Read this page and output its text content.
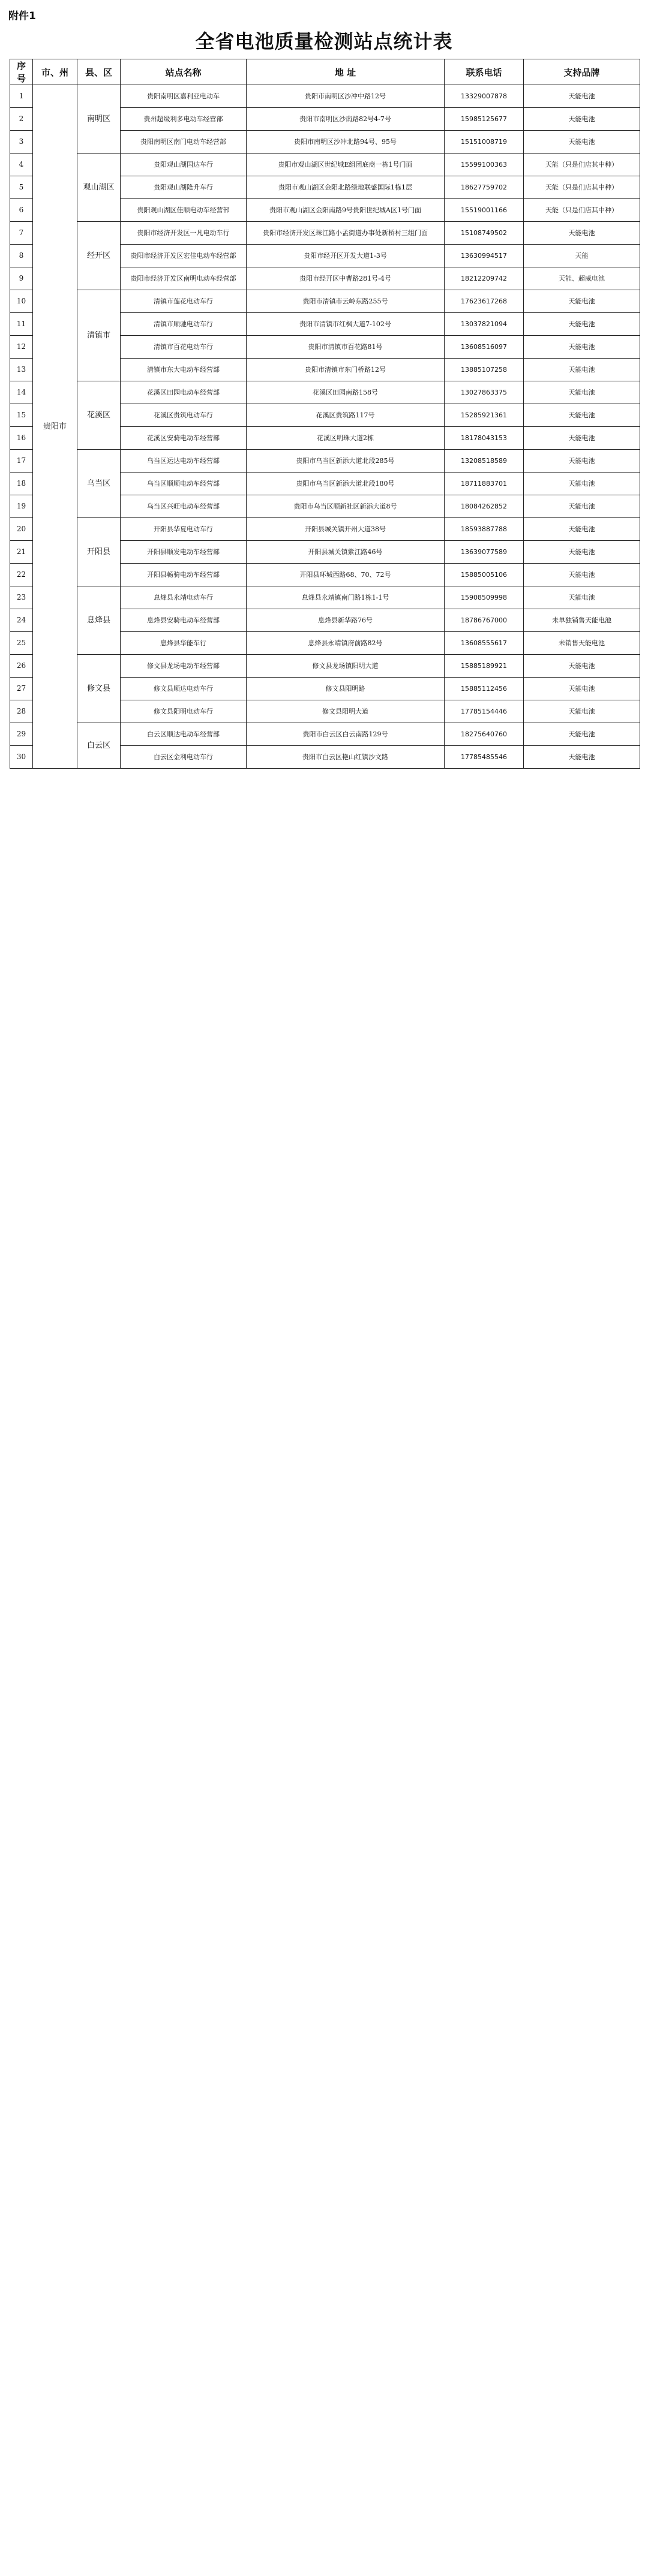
附件1
全省电池质量检测站点统计表
序 号	市、州	县、区	站点名称	地 址	联系电话	支持品牌
1	贵阳市	南明区	贵阳南明区嘉利亚电动车	贵阳市南明区沙冲中路12号	13329007878	天能电池
2			贵州超级利多电动车经营部	贵阳市南明区沙南路82号4-7号	15985125677	天能电池
3			贵阳南明区南门电动车经营部	贵阳市南明区沙冲北路94号、95号	15151008719	天能电池
4		观山湖区	贵阳观山湖国达车行	贵阳市观山湖区世纪城E组团底商一栋1号门面	15599100363	天能（只是们店其中种）
5			贵阳观山湖隆升车行	贵阳市观山湖区金阳北路绿地联盛国际1栋1层	18627759702	天能（只是们店其中种）
6			贵阳观山湖区佳顺电动车经营部	贵阳市观山湖区金阳南路9号贵阳世纪城A区1号门面	15519001166	天能（只是们店其中种）
7		经开区	贵阳市经济开发区一凡电动车行	贵阳市经济开发区珠江路小孟街道办事处新桥村三组门面	15108749502	天能电池
8			贵阳市经济开发区宏佳电动车经营部	贵阳市经开区开发大道1-3号	13630994517	天能
9			贵阳市经济开发区南明电动车经营部	贵阳市经开区中曹路281号-4号	18212209742	天能、超威电池
10		清镇市	清镇市莲花电动车行	贵阳市清镇市云岭东路255号	17623617268	天能电池
11			清镇市顺驰电动车行	贵阳市清镇市红枫大道7-102号	13037821094	天能电池
12			清镇市百花电动车行	贵阳市清镇市百花路81号	13608516097	天能电池
13			清镇市东大电动车经营部	贵阳市清镇市东门桥路12号	13885107258	天能电池
14		花溪区	花溪区田园电动车经营部	花溪区田园南路158号	13027863375	天能电池
15			花溪区贵筑电动车行	花溪区贵筑路117号	15285921361	天能电池
16			花溪区安骑电动车经营部	花溪区明珠大道2栋	18178043153	天能电池
17		乌当区	乌当区运达电动车经营部	贵阳市乌当区新添大道北段285号	13208518589	天能电池
18			乌当区顺顺电动车经营部	贵阳市乌当区新添大道北段180号	18711883701	天能电池
19			乌当区兴旺电动车经营部	贵阳市乌当区顺新社区新添大道8号	18084262852	天能电池
20		开阳县	开阳县华夏电动车行	开阳县城关镇开州大道38号	18593887788	天能电池
21			开阳县顺发电动车经营部	开阳县城关镇紫江路46号	13639077589	天能电池
22			开阳县畅骑电动车经营部	开阳县环城西路68、70、72号	15885005106	天能电池
23		息烽县	息烽县永靖电动车行	息烽县永靖镇南门路1栋1-1号	15908509998	天能电池
24			息烽县安骑电动车经营部	息烽县新华路76号	18786767000	未单独销售天能电池
25			息烽县华能车行	息烽县永靖镇府前路82号	13608555617	未销售天能电池
26		修文县	修文县龙场电动车经营部	修文县龙场镇阳明大道	15885189921	天能电池
27			修文县顺达电动车行	修文县阳明路	15885112456	天能电池
28			修文县阳明电动车行	修文县阳明大道	17785154446	天能电池
29		白云区	白云区顺达电动车经营部	贵阳市白云区白云南路129号	18275640760	天能电池
30			白云区金利电动车行	贵阳市白云区艳山红镇沙文路	17785485546	天能电池
